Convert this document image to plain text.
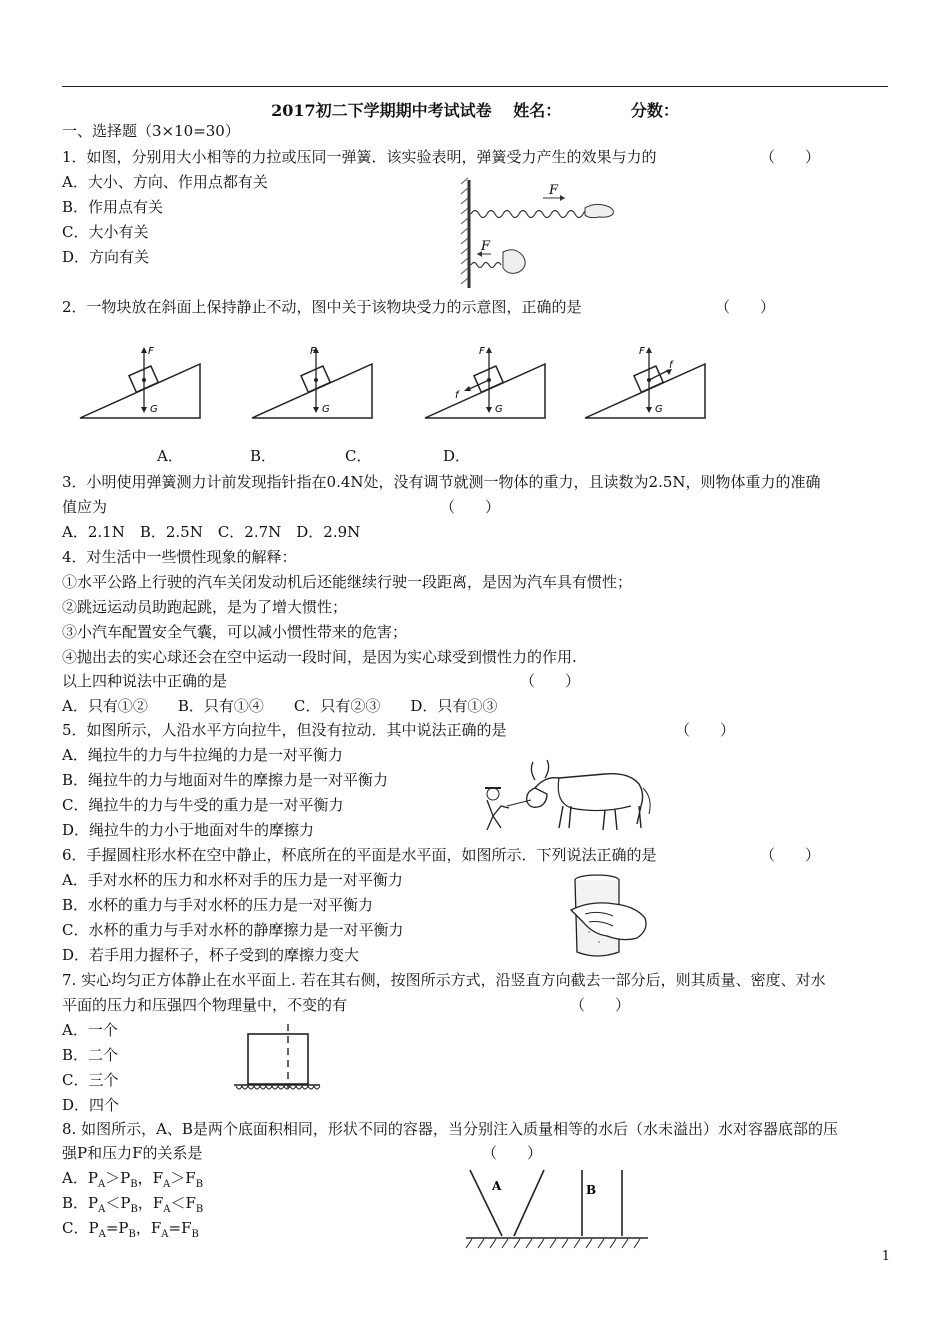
2017初二下学期期中考试试卷 姓名：	分数：
一、选择题（3×10=30）
1．如图，分别用大小相等的力拉或压同一弹簧．该实验表明，弹簧受力产生的效果与力的	（　　）
A．大小、方向、作用点都有关
B．作用点有关
C．大小有关
D．方向有关
F
F
2．一物块放在斜面上保持静止不动，图中关于该物块受力的示意图，正确的是	（　　）
F
G
F
G
F
G
f
F
G
f
A．	B．	C．	D．
3．小明使用弹簧测力计前发现指针指在0.4N处，没有调节就测一物体的重力，且读数为2.5N，则物体重力的准确
值应为	（　　）
A．2.1N　B．2.5N　C．2.7N　D．2.9N
4．对生活中一些惯性现象的解释：
①水平公路上行驶的汽车关闭发动机后还能继续行驶一段距离，是因为汽车具有惯性；
②跳远运动员助跑起跳，是为了增大惯性；
③小汽车配置安全气囊，可以减小惯性带来的危害；
④抛出去的实心球还会在空中运动一段时间，是因为实心球受到惯性力的作用.
以上四种说法中正确的是	（　　）
A．只有①②　　B．只有①④　　C．只有②③　　D．只有①③
5．如图所示，人沿水平方向拉牛，但没有拉动．其中说法正确的是	（　　）
A．绳拉牛的力与牛拉绳的力是一对平衡力
B．绳拉牛的力与地面对牛的摩擦力是一对平衡力
C．绳拉牛的力与牛受的重力是一对平衡力
D．绳拉牛的力小于地面对牛的摩擦力
6．手握圆柱形水杯在空中静止，杯底所在的平面是水平面，如图所示．下列说法正确的是	（　　）
A．手对水杯的压力和水杯对手的压力是一对平衡力
B．水杯的重力与手对水杯的压力是一对平衡力
C．水杯的重力与手对水杯的静摩擦力是一对平衡力
D．若手用力握杯子，杯子受到的摩擦力变大
7. 实心均匀正方体静止在水平面上. 若在其右侧，按图所示方式，沿竖直方向截去一部分后，则其质量、密度、对水
平面的压力和压强四个物理量中，不变的有	（　　）
A．一个
B．二个
C．三个
D．四个
8. 如图所示，A、B是两个底面积相同，形状不同的容器，当分别注入质量相等的水后（水未溢出）水对容器底部的压
强P和压力F的关系是	（　　）
A．$P_A>P_B$，$F_A>F_B$
B．$P_A<P_B$，$F_A<F_B$
C．$P_A=P_B$，$F_A=F_B$
A	B
1
